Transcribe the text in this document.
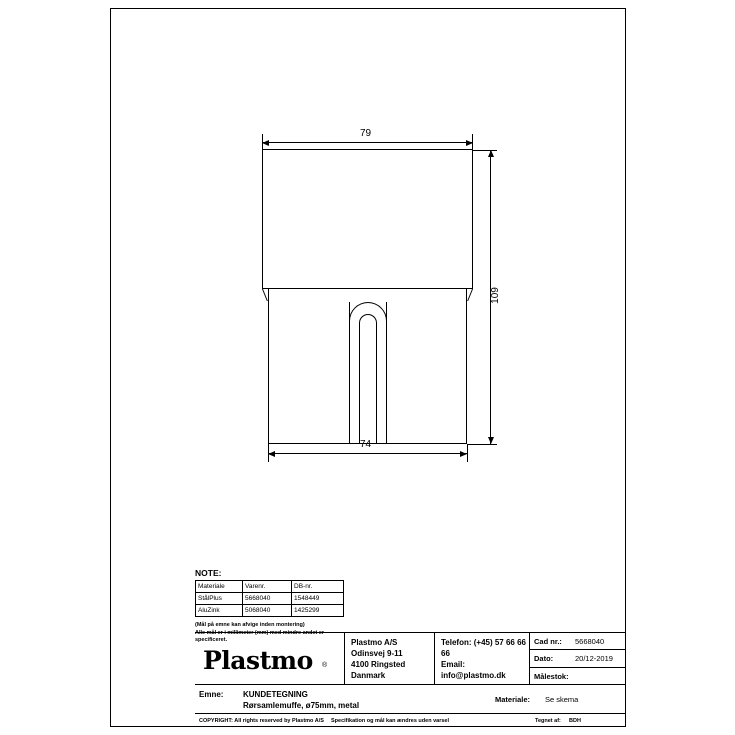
79
109
74
NOTE:
Materiale	Varenr.	DB-nr.
StålPlus	5668040	1548449
AluZink	5068040	1425299
(Mål på emne kan afvige inden montering)
Alle mål er i millimeter (mm) med mindre andet er specificeret.
Plastmo ®
Plastmo A/S
Odinsvej 9-11
4100 Ringsted
Danmark
Telefon: (+45) 57 66 66 66
Email: info@plastmo.dk
Cad nr.: 5668040
Dato:	20/12-2019
Målestok:
Emne: KUNDETEGNING
Rørsamlemuffe, ø75mm, metal
Materiale: Se skema
COPYRIGHT: All rights reserved by Plastmo A/S Specifikation og mål kan ændres uden varsel	Tegnet af: BDH
